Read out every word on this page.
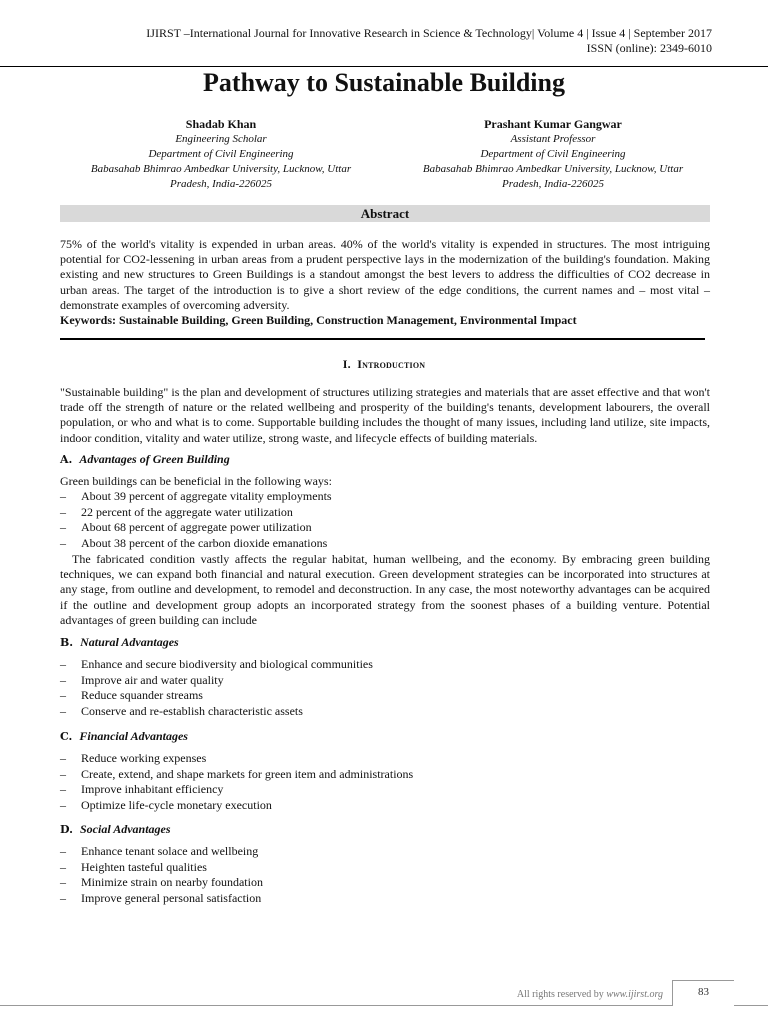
IJIRST –International Journal for Innovative Research in Science & Technology| Volume 4 | Issue 4 | September 2017
ISSN (online): 2349-6010
Pathway to Sustainable Building
Shadab Khan
Engineering Scholar
Department of Civil Engineering
Babasahab Bhimrao Ambedkar University, Lucknow, Uttar
Pradesh, India-226025
Prashant Kumar Gangwar
Assistant Professor
Department of Civil Engineering
Babasahab Bhimrao Ambedkar University, Lucknow, Uttar
Pradesh, India-226025
Abstract
75% of the world's vitality is expended in urban areas. 40% of the world's vitality is expended in structures. The most intriguing potential for CO2-lessening in urban areas from a prudent perspective lays in the modernization of the building's foundation. Making existing and new structures to Green Buildings is a standout amongst the best levers to address the difficulties of CO2 decrease in urban areas. The target of the introduction is to give a short review of the edge conditions, the current names and – most vital – demonstrate examples of overcoming adversity.
Keywords: Sustainable Building, Green Building, Construction Management, Environmental Impact
I. Introduction
"Sustainable building" is the plan and development of structures utilizing strategies and materials that are asset effective and that won't trade off the strength of nature or the related wellbeing and prosperity of the building's tenants, development labourers, the overall population, or who and what is to come. Supportable building includes the thought of many issues, including land utilize, site impacts, indoor condition, vitality and water utilize, strong waste, and lifecycle effects of building materials.
A. Advantages of Green Building
Green buildings can be beneficial in the following ways:
–	About 39 percent of aggregate vitality employments
–	22 percent of the aggregate water utilization
–	About 68 percent of aggregate power utilization
–	About 38 percent of the carbon dioxide emanations
The fabricated condition vastly affects the regular habitat, human wellbeing, and the economy. By embracing green building techniques, we can expand both financial and natural execution. Green development strategies can be incorporated into structures at any stage, from outline and development, to remodel and deconstruction. In any case, the most noteworthy advantages can be acquired if the outline and development group adopts an incorporated strategy from the soonest phases of a building venture. Potential advantages of green building can include
B. Natural Advantages
–	Enhance and secure biodiversity and biological communities
–	Improve air and water quality
–	Reduce squander streams
–	Conserve and re-establish characteristic assets
C. Financial Advantages
–	Reduce working expenses
–	Create, extend, and shape markets for green item and administrations
–	Improve inhabitant efficiency
–	Optimize life-cycle monetary execution
D. Social Advantages
–	Enhance tenant solace and wellbeing
–	Heighten tasteful qualities
–	Minimize strain on nearby foundation
–	Improve general personal satisfaction
All rights reserved by www.ijirst.org	83
